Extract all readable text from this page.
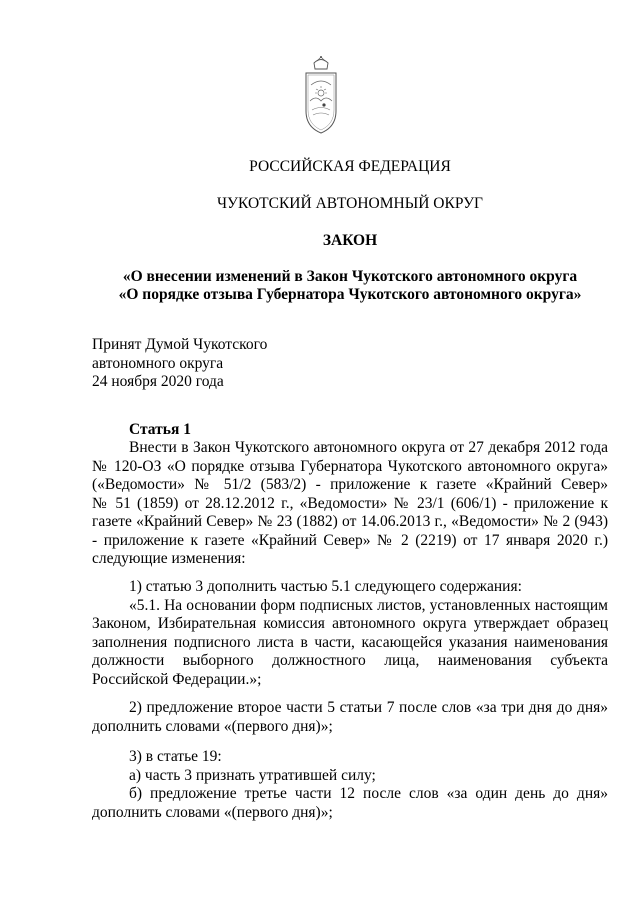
РОССИЙСКАЯ ФЕДЕРАЦИЯ
ЧУКОТСКИЙ АВТОНОМНЫЙ ОКРУГ
ЗАКОН
«О внесении изменений в Закон Чукотского автономного округа
«О порядке отзыва Губернатора Чукотского автономного округа»
Принят Думой Чукотского
автономного округа
24 ноября 2020 года
Статья 1
Внести в Закон Чукотского автономного округа от 27 декабря 2012 года
№ 120-ОЗ «О порядке отзыва Губернатора Чукотского автономного округа»
(«Ведомости» № 51/2 (583/2) - приложение к газете «Крайний Север»
№ 51 (1859) от 28.12.2012 г., «Ведомости» № 23/1 (606/1) - приложение к
газете «Крайний Север» № 23 (1882) от 14.06.2013 г., «Ведомости» № 2 (943)
- приложение к газете «Крайний Север» № 2 (2219) от 17 января 2020 г.)
следующие изменения:
1) статью 3 дополнить частью 5.1 следующего содержания:
«5.1. На основании форм подписных листов, установленных настоящим
Законом, Избирательная комиссия автономного округа утверждает образец
заполнения подписного листа в части, касающейся указания наименования
должности выборного должностного лица, наименования субъекта
Российской Федерации.»;
2) предложение второе части 5 статьи 7 после слов «за три дня до дня»
дополнить словами «(первого дня)»;
3) в статье 19:
а) часть 3 признать утратившей силу;
б) предложение третье части 12 после слов «за один день до дня»
дополнить словами «(первого дня)»;
